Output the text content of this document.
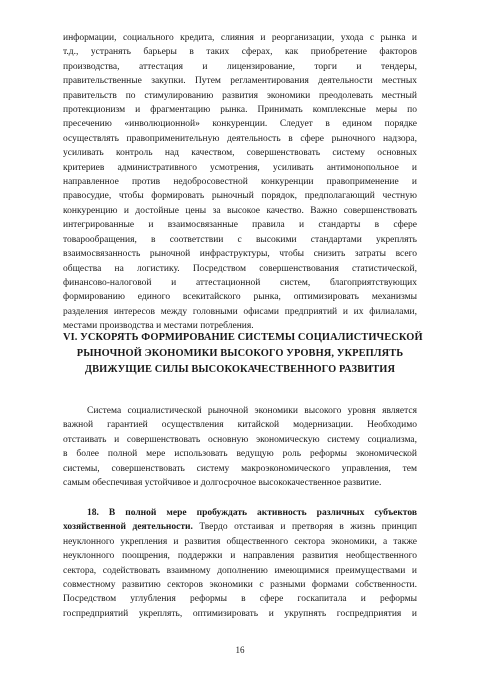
информации, социального кредита, слияния и реорганизации, ухода с рынка и
т.д., устранять барьеры в таких сферах, как приобретение факторов
производства, аттестация и лицензирование, торги и тендеры,
правительственные закупки. Путем регламентирования деятельности местных
правительств по стимулированию развития экономики преодолевать местный
протекционизм и фрагментацию рынка. Принимать комплексные меры по
пресечению «инволюционной» конкуренции. Следует в едином порядке
осуществлять правоприменительную деятельность в сфере рыночного надзора,
усиливать контроль над качеством, совершенствовать систему основных
критериев административного усмотрения, усиливать антимонопольное и
направленное против недобросовестной конкуренции правоприменение и
правосудие, чтобы формировать рыночный порядок, предполагающий честную
конкуренцию и достойные цены за высокое качество. Важно совершенствовать
интегрированные и взаимосвязанные правила и стандарты в сфере
товарообращения, в соответствии с высокими стандартами укреплять
взаимосвязанность рыночной инфраструктуры, чтобы снизить затраты всего
общества на логистику. Посредством совершенствования статистической,
финансово-налоговой и аттестационной систем, благоприятствующих
формированию единого всекитайского рынка, оптимизировать механизмы
разделения интересов между головными офисами предприятий и их филиалами,
местами производства и местами потребления.
VI. УСКОРЯТЬ ФОРМИРОВАНИЕ СИСТЕМЫ СОЦИАЛИСТИЧЕСКОЙ
РЫНОЧНОЙ ЭКОНОМИКИ ВЫСОКОГО УРОВНЯ, УКРЕПЛЯТЬ
ДВИЖУЩИЕ СИЛЫ ВЫСОКОКАЧЕСТВЕННОГО РАЗВИТИЯ
Система социалистической рыночной экономики высокого уровня является
важной гарантией осуществления китайской модернизации. Необходимо
отстаивать и совершенствовать основную экономическую систему социализма,
в более полной мере использовать ведущую роль реформы экономической
системы, совершенствовать систему макроэкономического управления, тем
самым обеспечивая устойчивое и долгосрочное высококачественное развитие.
18. В полной мере пробуждать активность различных субъектов
хозяйственной деятельности. Твердо отстаивая и претворяя в жизнь принцип
неуклонного укрепления и развития общественного сектора экономики, а также
неуклонного поощрения, поддержки и направления развития необщественного
сектора, содействовать взаимному дополнению имеющимися преимуществами и
совместному развитию секторов экономики с разными формами собственности.
Посредством углубления реформы в сфере госкапитала и реформы
госпредприятий укреплять, оптимизировать и укрупнять госпредприятия и
16
